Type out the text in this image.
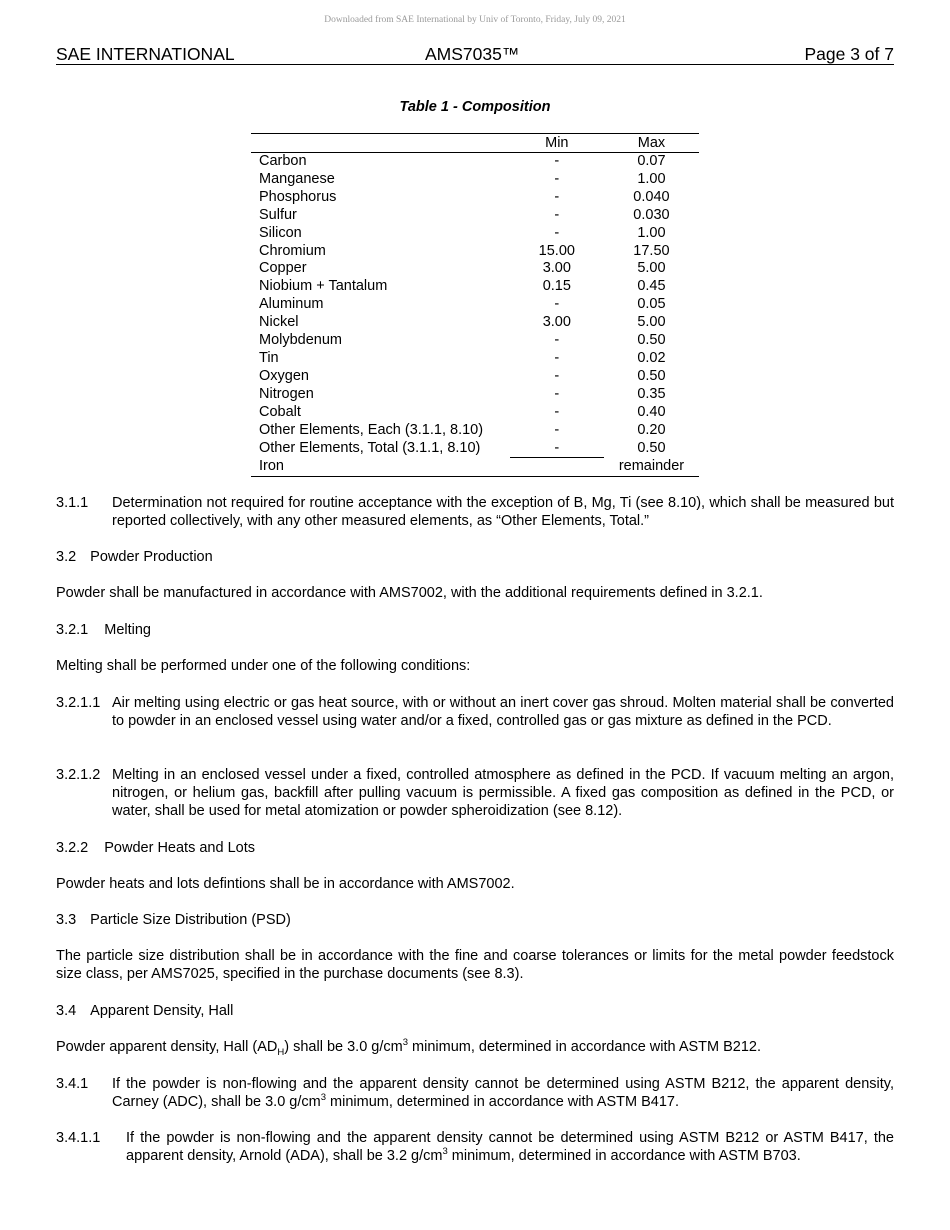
Downloaded from SAE International by Univ of Toronto, Friday, July 09, 2021
SAE INTERNATIONAL	AMS7035™	Page 3 of 7
Table 1 - Composition
	Min	Max
Carbon	-	0.07
Manganese	-	1.00
Phosphorus	-	0.040
Sulfur	-	0.030
Silicon	-	1.00
Chromium	15.00	17.50
Copper	3.00	5.00
Niobium + Tantalum	0.15	0.45
Aluminum	-	0.05
Nickel	3.00	5.00
Molybdenum	-	0.50
Tin	-	0.02
Oxygen	-	0.50
Nitrogen	-	0.35
Cobalt	-	0.40
Other Elements, Each (3.1.1, 8.10)	-	0.20
Other Elements, Total (3.1.1, 8.10)	-	0.50
Iron		remainder
3.1.1 Determination not required for routine acceptance with the exception of B, Mg, Ti (see 8.10), which shall be measured but reported collectively, with any other measured elements, as “Other Elements, Total.”
3.2 Powder Production

Powder shall be manufactured in accordance with AMS7002, with the additional requirements defined in 3.2.1.

3.2.1 Melting

Melting shall be performed under one of the following conditions:

3.2.1.1 Air melting using electric or gas heat source, with or without an inert cover gas shroud. Molten material shall be converted to powder in an enclosed vessel using water and/or a fixed, controlled gas or gas mixture as defined in the PCD.
3.2.1.2 Melting in an enclosed vessel under a fixed, controlled atmosphere as defined in the PCD. If vacuum melting an argon, nitrogen, or helium gas, backfill after pulling vacuum is permissible. A fixed gas composition as defined in the PCD, or water, shall be used for metal atomization or powder spheroidization (see 8.12).
3.2.2 Powder Heats and Lots

Powder heats and lots defintions shall be in accordance with AMS7002.

3.3 Particle Size Distribution (PSD)

The particle size distribution shall be in accordance with the fine and coarse tolerances or limits for the metal powder feedstock size class, per AMS7025, specified in the purchase documents (see 8.3).

3.4 Apparent Density, Hall

Powder apparent density, Hall $(AD_H)$ shall be 3.0 $g/cm^3$ minimum, determined in accordance with ASTM B212.

3.4.1 If the powder is non-flowing and the apparent density cannot be determined using ASTM B212, the apparent density, Carney (ADC), shall be 3.0 $g/cm^3$ minimum, determined in accordance with ASTM B417.
3.4.1.1 If the powder is non-flowing and the apparent density cannot be determined using ASTM B212 or ASTM B417, the apparent density, Arnold (ADA), shall be 3.2 $g/cm^3$ minimum, determined in accordance with ASTM B703.
